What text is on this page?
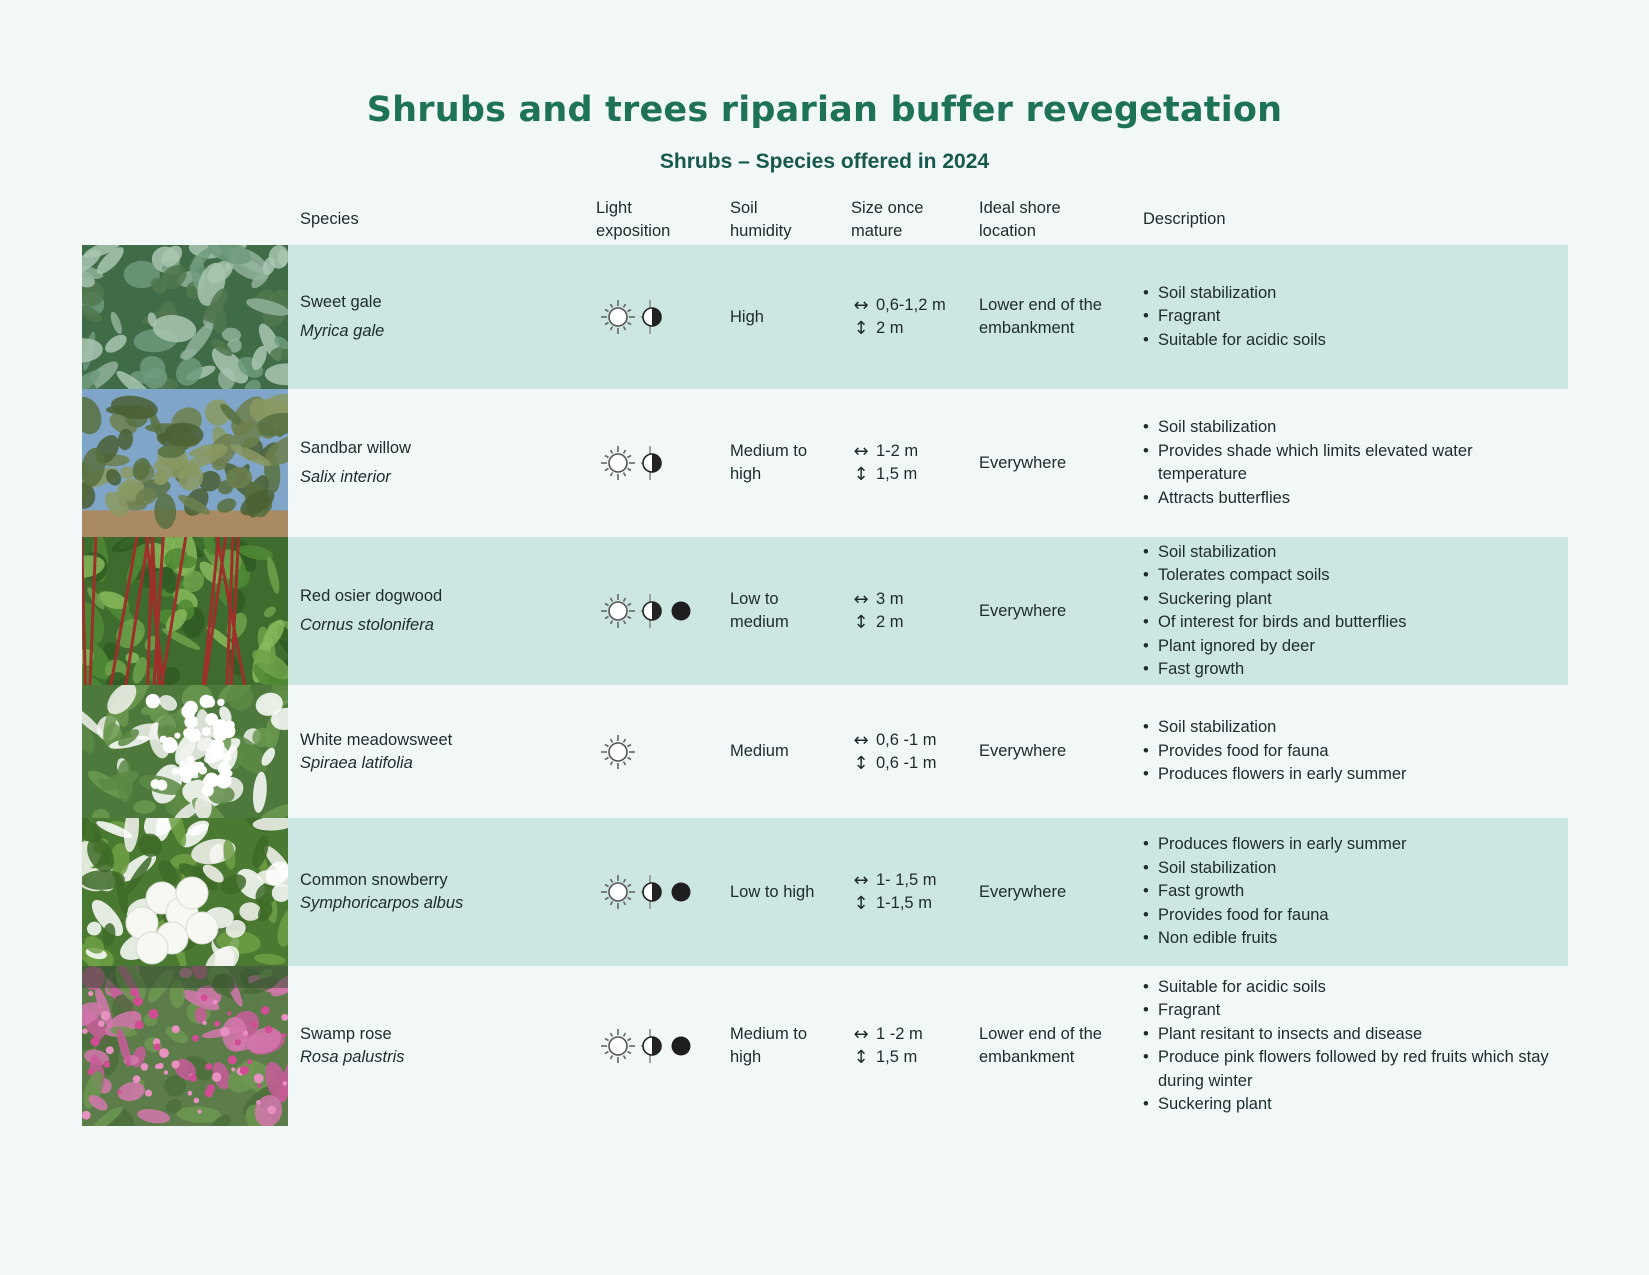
Shrubs and trees riparian buffer revegetation
Shrubs – Species offered in 2024
Species
Light
exposition
Soil
humidity
Size once
mature
Ideal shore
location
Description
Sweet gale
Myrica gale
High
↔ 0,6-1,2 m
↕ 2 m
Lower end of the embankment
• Soil stabilization
• Fragrant
• Suitable for acidic soils
Sandbar willow
Salix interior
Medium to high
↔ 1-2 m
↕ 1,5 m
Everywhere
• Soil stabilization
• Provides shade which limits elevated water temperature
• Attracts butterflies
Red osier dogwood
Cornus stolonifera
Low to medium
↔ 3 m
↕ 2 m
Everywhere
• Soil stabilization
• Tolerates compact soils
• Suckering plant
• Of interest for birds and butterflies
• Plant ignored by deer
• Fast growth
White meadowsweet
Spiraea latifolia
Medium
↔ 0,6 -1 m
↕ 0,6 -1 m
Everywhere
• Soil stabilization
• Provides food for fauna
• Produces flowers in early summer
Common snowberry
Symphoricarpos albus
Low to high
↔ 1- 1,5 m
↕ 1-1,5 m
Everywhere
• Produces flowers in early summer
• Soil stabilization
• Fast growth
• Provides food for fauna
• Non edible fruits
Swamp rose
Rosa palustris
Medium to high
↔ 1 -2 m
↕ 1,5 m
Lower end of the embankment
• Suitable for acidic soils
• Fragrant
• Plant resitant to insects and disease
• Produce pink flowers followed by red fruits which stay during winter
• Suckering plant
